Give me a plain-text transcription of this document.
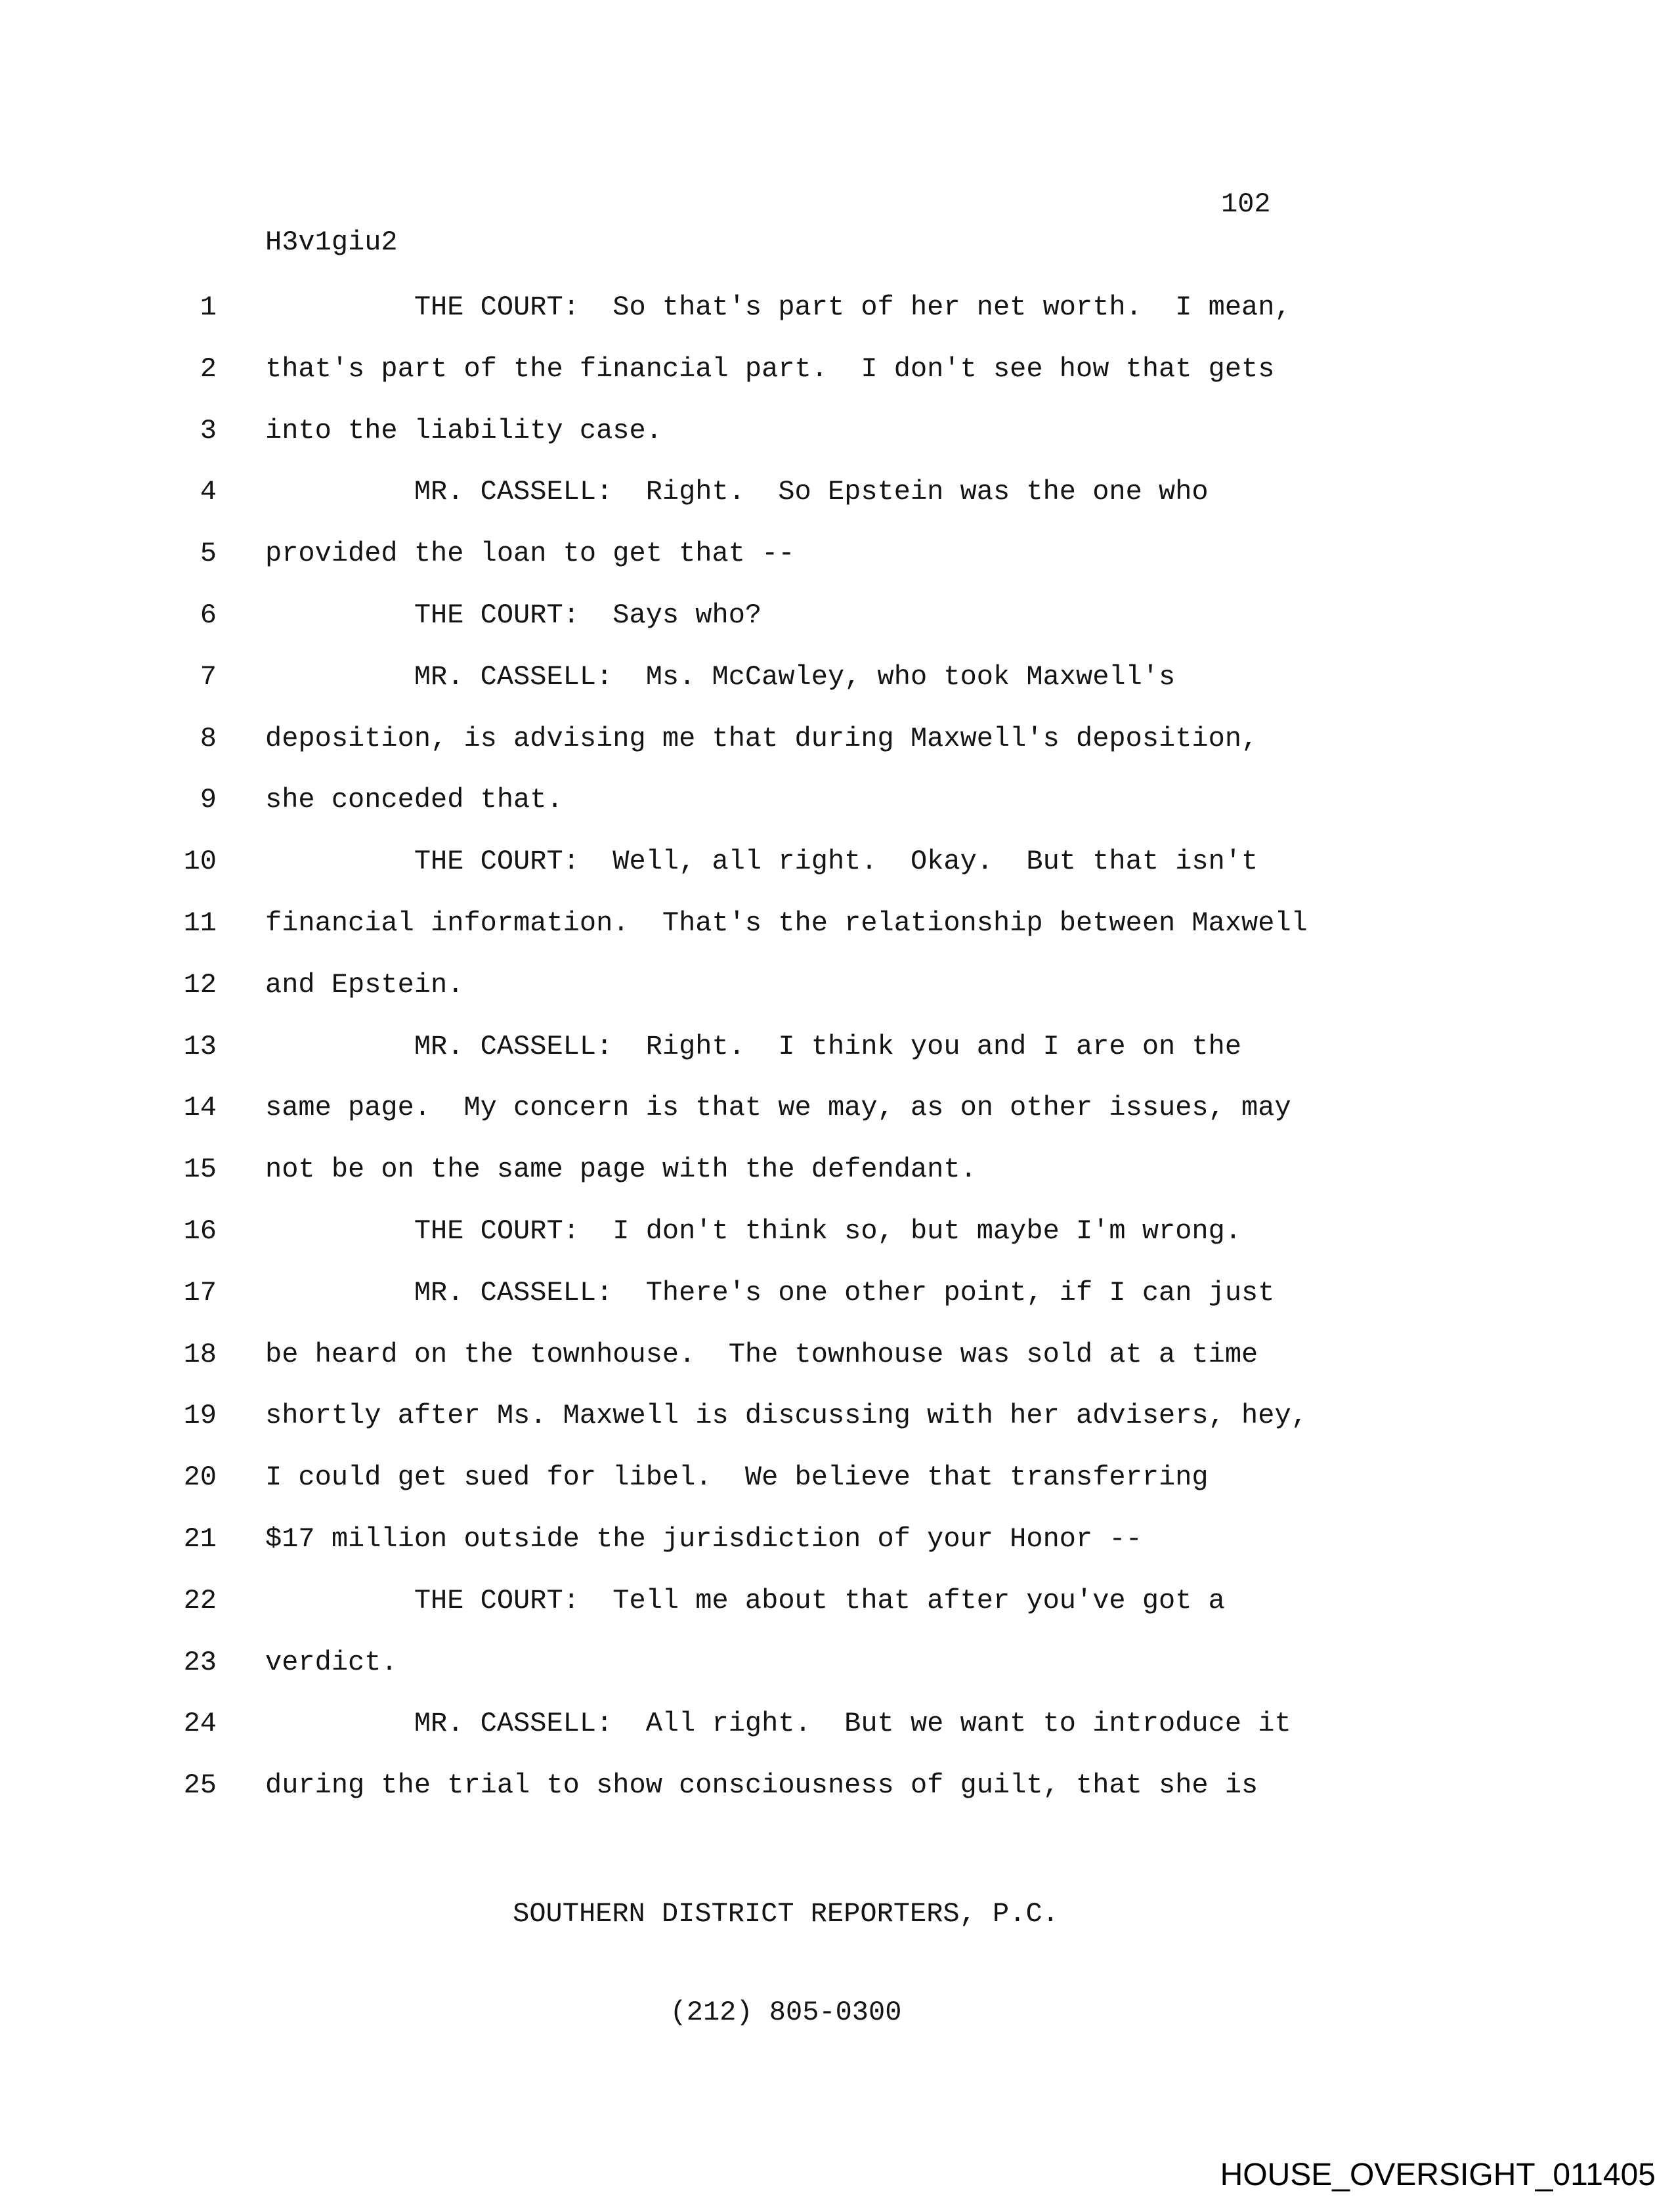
102
H3v1giu2
1 THE COURT:  So that's part of her net worth.  I mean,
2 that's part of the financial part.  I don't see how that gets
3 into the liability case.
4 MR. CASSELL:  Right.  So Epstein was the one who
5 provided the loan to get that --
6 THE COURT:  Says who?
7 MR. CASSELL:  Ms. McCawley, who took Maxwell's
8 deposition, is advising me that during Maxwell's deposition,
9 she conceded that.
10 THE COURT:  Well, all right.  Okay.  But that isn't
11 financial information.  That's the relationship between Maxwell
12 and Epstein.
13 MR. CASSELL:  Right.  I think you and I are on the
14 same page.  My concern is that we may, as on other issues, may
15 not be on the same page with the defendant.
16 THE COURT:  I don't think so, but maybe I'm wrong.
17 MR. CASSELL:  There's one other point, if I can just
18 be heard on the townhouse.  The townhouse was sold at a time
19 shortly after Ms. Maxwell is discussing with her advisers, hey,
20 I could get sued for libel.  We believe that transferring
21 $17 million outside the jurisdiction of your Honor --
22 THE COURT:  Tell me about that after you've got a
23 verdict.
24 MR. CASSELL:  All right.  But we want to introduce it
25 during the trial to show consciousness of guilt, that she is

SOUTHERN DISTRICT REPORTERS, P.C.

(212) 805-0300

HOUSE_OVERSIGHT_011405
